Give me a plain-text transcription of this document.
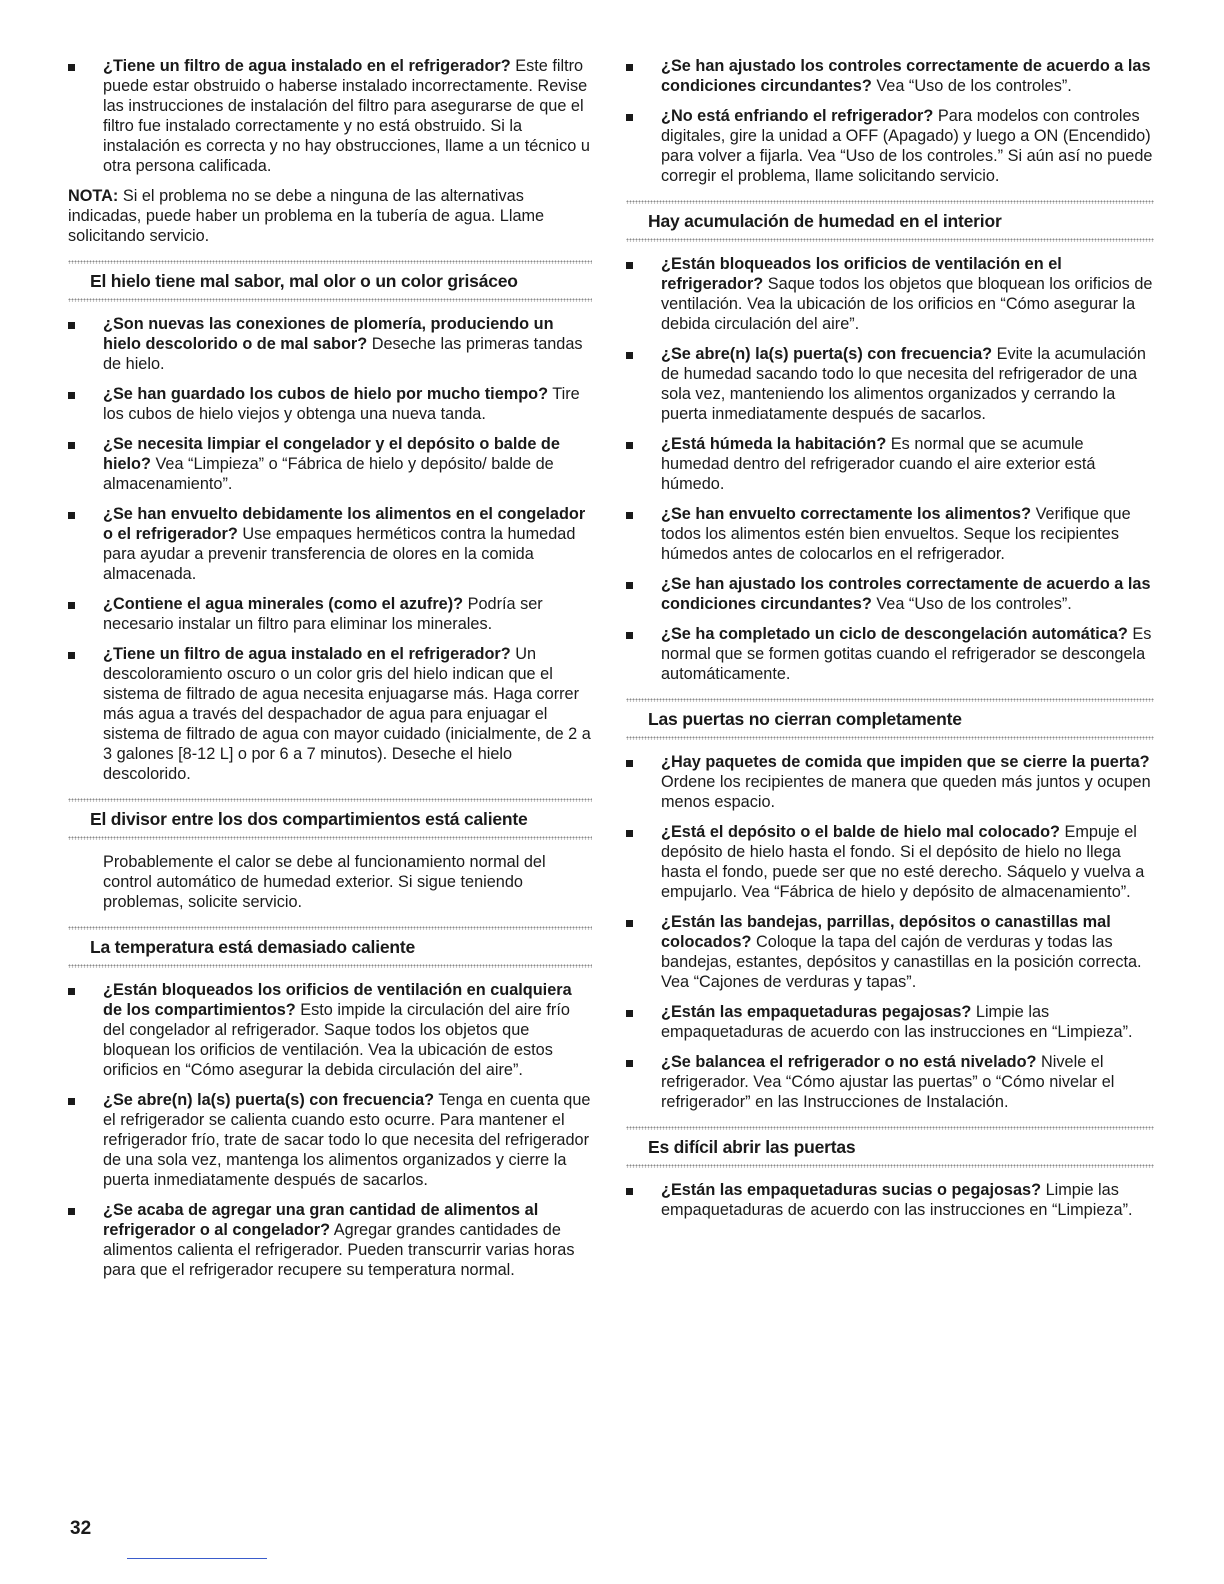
¿Tiene un filtro de agua instalado en el refrigerador? Este filtro puede estar obstruido o haberse instalado incorrectamente. Revise las instrucciones de instalación del filtro para asegurarse de que el filtro fue instalado correctamente y no está obstruido. Si la instalación es correcta y no hay obstrucciones, llame a un técnico u otra persona calificada.

NOTA: Si el problema no se debe a ninguna de las alternativas indicadas, puede haber un problema en la tubería de agua. Llame solicitando servicio.

El hielo tiene mal sabor, mal olor o un color grisáceo
¿Son nuevas las conexiones de plomería, produciendo un hielo descolorido o de mal sabor? Deseche las primeras tandas de hielo.
¿Se han guardado los cubos de hielo por mucho tiempo? Tire los cubos de hielo viejos y obtenga una nueva tanda.
¿Se necesita limpiar el congelador y el depósito o balde de hielo? Vea “Limpieza” o “Fábrica de hielo y depósito/ balde de almacenamiento”.
¿Se han envuelto debidamente los alimentos en el congelador o el refrigerador? Use empaques herméticos contra la humedad para ayudar a prevenir transferencia de olores en la comida almacenada.
¿Contiene el agua minerales (como el azufre)? Podría ser necesario instalar un filtro para eliminar los minerales.
¿Tiene un filtro de agua instalado en el refrigerador? Un descoloramiento oscuro o un color gris del hielo indican que el sistema de filtrado de agua necesita enjuagarse más. Haga correr más agua a través del despachador de agua para enjuagar el sistema de filtrado de agua con mayor cuidado (inicialmente, de 2 a 3 galones [8-12 L] o por 6 a 7 minutos). Deseche el hielo descolorido.
El divisor entre los dos compartimientos está caliente
Probablemente el calor se debe al funcionamiento normal del control automático de humedad exterior. Si sigue teniendo problemas, solicite servicio.
La temperatura está demasiado caliente
¿Están bloqueados los orificios de ventilación en cualquiera de los compartimientos? Esto impide la circulación del aire frío del congelador al refrigerador. Saque todos los objetos que bloquean los orificios de ventilación. Vea la ubicación de estos orificios en “Cómo asegurar la debida circulación del aire”.
¿Se abre(n) la(s) puerta(s) con frecuencia? Tenga en cuenta que el refrigerador se calienta cuando esto ocurre. Para mantener el refrigerador frío, trate de sacar todo lo que necesita del refrigerador de una sola vez, mantenga los alimentos organizados y cierre la puerta inmediatamente después de sacarlos.
¿Se acaba de agregar una gran cantidad de alimentos al refrigerador o al congelador? Agregar grandes cantidades de alimentos calienta el refrigerador. Pueden transcurrir varias horas para que el refrigerador recupere su temperatura normal.
¿Se han ajustado los controles correctamente de acuerdo a las condiciones circundantes? Vea “Uso de los controles”.
¿No está enfriando el refrigerador? Para modelos con controles digitales, gire la unidad a OFF (Apagado) y luego a ON (Encendido) para volver a fijarla. Vea “Uso de los controles.” Si aún así no puede corregir el problema, llame solicitando servicio.
Hay acumulación de humedad en el interior
¿Están bloqueados los orificios de ventilación en el refrigerador? Saque todos los objetos que bloquean los orificios de ventilación. Vea la ubicación de los orificios en “Cómo asegurar la debida circulación del aire”.
¿Se abre(n) la(s) puerta(s) con frecuencia? Evite la acumulación de humedad sacando todo lo que necesita del refrigerador de una sola vez, manteniendo los alimentos organizados y cerrando la puerta inmediatamente después de sacarlos.
¿Está húmeda la habitación? Es normal que se acumule humedad dentro del refrigerador cuando el aire exterior está húmedo.
¿Se han envuelto correctamente los alimentos? Verifique que todos los alimentos estén bien envueltos. Seque los recipientes húmedos antes de colocarlos en el refrigerador.
¿Se han ajustado los controles correctamente de acuerdo a las condiciones circundantes? Vea “Uso de los controles”.
¿Se ha completado un ciclo de descongelación automática? Es normal que se formen gotitas cuando el refrigerador se descongela automáticamente.
Las puertas no cierran completamente
¿Hay paquetes de comida que impiden que se cierre la puerta? Ordene los recipientes de manera que queden más juntos y ocupen menos espacio.
¿Está el depósito o el balde de hielo mal colocado? Empuje el depósito de hielo hasta el fondo. Si el depósito de hielo no llega hasta el fondo, puede ser que no esté derecho. Sáquelo y vuelva a empujarlo. Vea “Fábrica de hielo y depósito de almacenamiento”.
¿Están las bandejas, parrillas, depósitos o canastillas mal colocados? Coloque la tapa del cajón de verduras y todas las bandejas, estantes, depósitos y canastillas en la posición correcta. Vea “Cajones de verduras y tapas”.
¿Están las empaquetaduras pegajosas? Limpie las empaquetaduras de acuerdo con las instrucciones en “Limpieza”.
¿Se balancea el refrigerador o no está nivelado? Nivele el refrigerador. Vea “Cómo ajustar las puertas” o “Cómo nivelar el refrigerador” en las Instrucciones de Instalación.
Es difícil abrir las puertas
¿Están las empaquetaduras sucias o pegajosas? Limpie las empaquetaduras de acuerdo con las instrucciones en “Limpieza”.
32
